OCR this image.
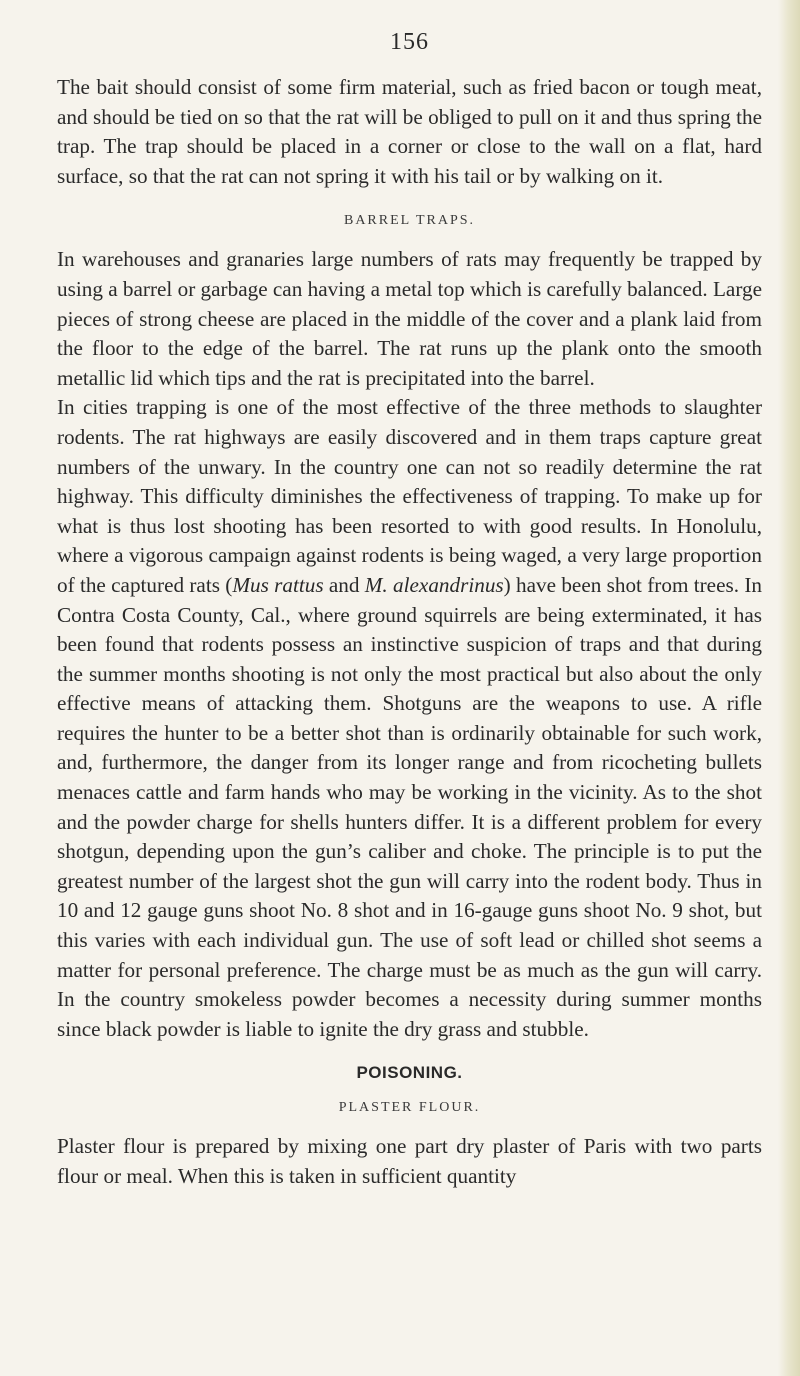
156

The bait should consist of some firm material, such as fried bacon or tough meat, and should be tied on so that the rat will be obliged to pull on it and thus spring the trap. The trap should be placed in a corner or close to the wall on a flat, hard surface, so that the rat can not spring it with his tail or by walking on it.

BARREL TRAPS.

In warehouses and granaries large numbers of rats may frequently be trapped by using a barrel or garbage can having a metal top which is carefully balanced. Large pieces of strong cheese are placed in the middle of the cover and a plank laid from the floor to the edge of the barrel. The rat runs up the plank onto the smooth metallic lid which tips and the rat is precipitated into the barrel.

In cities trapping is one of the most effective of the three methods to slaughter rodents. The rat highways are easily discovered and in them traps capture great numbers of the unwary. In the country one can not so readily determine the rat highway. This difficulty diminishes the effectiveness of trapping. To make up for what is thus lost shooting has been resorted to with good results. In Honolulu, where a vigorous campaign against rodents is being waged, a very large proportion of the captured rats (Mus rattus and M. alexandrinus) have been shot from trees. In Contra Costa County, Cal., where ground squirrels are being exterminated, it has been found that rodents possess an instinctive suspicion of traps and that during the summer months shooting is not only the most practical but also about the only effective means of attacking them. Shotguns are the weapons to use. A rifle requires the hunter to be a better shot than is ordinarily obtainable for such work, and, furthermore, the danger from its longer range and from ricocheting bullets menaces cattle and farm hands who may be working in the vicinity. As to the shot and the powder charge for shells hunters differ. It is a different problem for every shotgun, depending upon the gun’s caliber and choke. The principle is to put the greatest number of the largest shot the gun will carry into the rodent body. Thus in 10 and 12 gauge guns shoot No. 8 shot and in 16-gauge guns shoot No. 9 shot, but this varies with each individual gun. The use of soft lead or chilled shot seems a matter for personal preference. The charge must be as much as the gun will carry. In the country smokeless powder becomes a necessity during summer months since black powder is liable to ignite the dry grass and stubble.

POISONING.
PLASTER FLOUR.

Plaster flour is prepared by mixing one part dry plaster of Paris with two parts flour or meal. When this is taken in sufficient quantity
